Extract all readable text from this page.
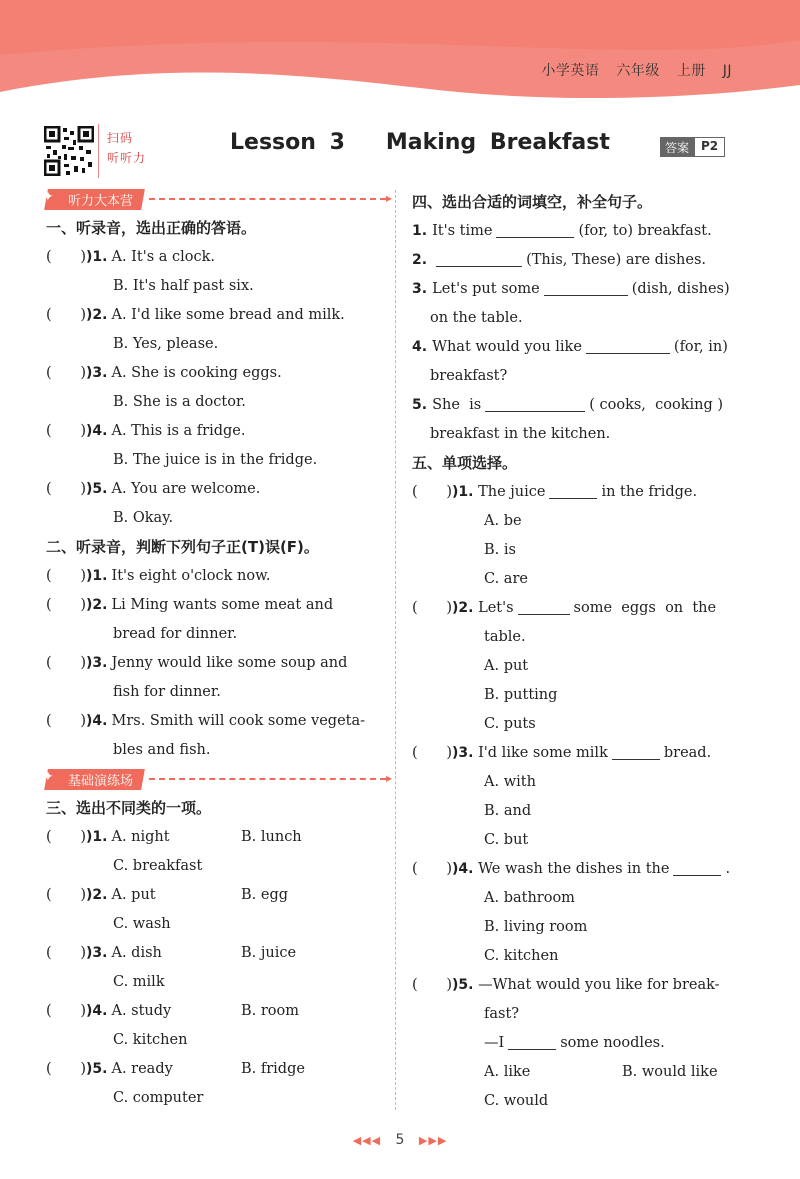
小学英语 六年级 上册 JJ
扫码
听听力
Lesson 3   Making Breakfast	答案	P2
✦	听力大本营
▸
一、听录音，选出正确的答语。
( ))1. A. It's a clock.
B. It's half past six.
( ))2. A. I'd like some bread and milk.
B. Yes, please.
( ))3. A. She is cooking eggs.
B. She is a doctor.
( ))4. A. This is a fridge.
B. The juice is in the fridge.
( ))5. A. You are welcome.
B. Okay.
二、听录音，判断下列句子正(T)误(F)。
( ))1. It's eight o'clock now.
( ))2. Li Ming wants some meat and
bread for dinner.
( ))3. Jenny would like some soup and
fish for dinner.
( ))4. Mrs. Smith will cook some vegeta-
bles and fish.
✦	基础演练场
▸
三、选出不同类的一项。
( ))1. A. night	B. lunch
C. breakfast
( ))2. A. put	B. egg
C. wash
( ))3. A. dish	B. juice
C. milk
( ))4. A. study	B. room
C. kitchen
( ))5. A. ready	B. fridge
C. computer
四、选出合适的词填空，补全句子。
1. It's time	(for, to) breakfast.
2.	(This, These) are dishes.
3. Let's put some	(dish, dishes)
on the table.
4. What would you like	(for, in)
breakfast?
5. She  is	( cooks,  cooking )
breakfast in the kitchen.
五、单项选择。
( ))1. The juice	in the fridge.
A. be
B. is
C. are
( ))2. Let's	some  eggs  on  the
table.
A. put
B. putting
C. puts
( ))3. I'd like some milk	bread.
A. with
B. and
C. but
( ))4. We wash the dishes in the	.
A. bathroom
B. living room
C. kitchen
( ))5. —What would you like for break-
fast?
—I	some noodles.
A. like	B. would like
C. would
◀◀◀ 5 ▶▶▶
